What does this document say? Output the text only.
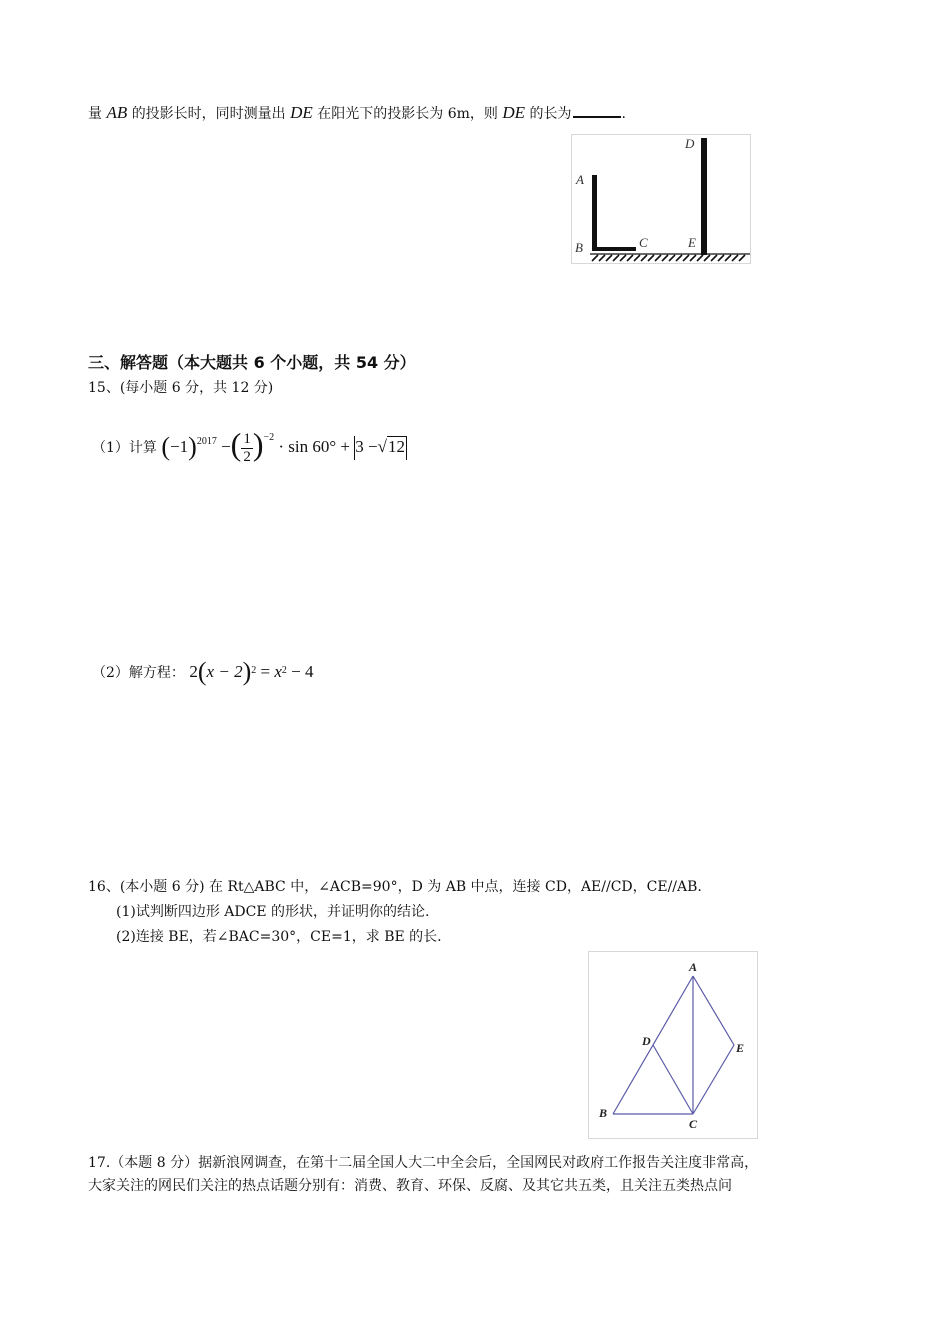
量 AB 的投影长时，同时测量出 DE 在阳光下的投影长为 6m，则 DE 的长为	.
A
B	C
D
E
三、解答题（本大题共 6 个小题，共 54 分）
15、(每小题 6 分，共 12 分)
（1）计算 $(-1)^{2017}$ −( $\frac{1}{2} )^{-2} \cdot \sin 60^\circ + 3 -√12$
（2）解方程： $2(x - 2)^2 = x^2 - 4$
16、(本小题 6 分) 在 Rt△ABC 中，∠ACB=90°，D 为 AB 中点，连接 CD，AE//CD，CE//AB.
(1)试判断四边形 ADCE 的形状，并证明你的结论.
(2)连接 BE，若∠BAC=30°，CE=1，求 BE 的长.
A
B
C
D	E
17.（本题 8 分）据新浪网调查，在第十二届全国人大二中全会后，全国网民对政府工作报告关注度非常高，
大家关注的网民们关注的热点话题分别有：消费、教育、环保、反腐、及其它共五类，且关注五类热点问
